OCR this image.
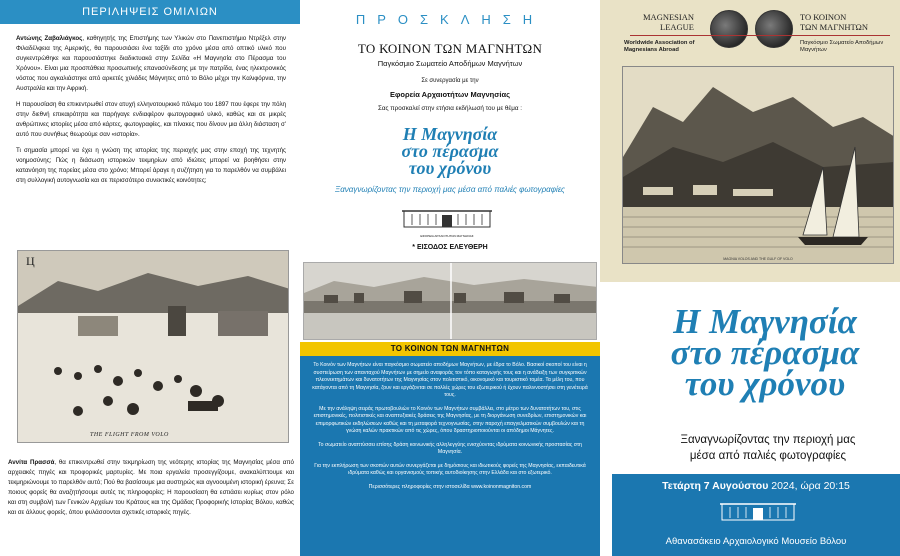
ΠΕΡΙΛΗΨΕΙΣ ΟΜΙΛΙΩΝ

Αντώνης Ζαβαλιάγκος, καθηγητής της Επιστήμης των Υλικών στο Πανεπιστήμιο Ντρέξελ στην Φιλαδέλφεια της Αμερικής, θα παρουσιάσει ένα ταξίδι στο χρόνο μέσα από οπτικό υλικό που συγκεντρώθηκε και παρουσιάστηκε διαδικτυακά στην Σελίδα «Η Μαγνησία στο Πέρασμα του Χρόνου». Είναι μια προσπάθεια προσωπικής επανασύνδεσης με την πατρίδα, ένας ηλεκτρονικός νόστος που αγκαλιάστηκε από αρκετές χιλιάδες Μάγνητες από το Βόλο μέχρι την Καλιφόρνια, την Αυστραλία και την Αφρική.

Η παρουσίαση θα επικεντρωθεί στον ατυχή ελληνοτουρκικό πόλεμο του 1897 που έφερε την πόλη στην διεθνή επικαιρότητα και παρήγαγε ενδιαφέρον φωτογραφικό υλικό, καθώς και σε μικρές ανθρώπινες ιστορίες μέσα από κάρτες, φωτογραφίες, και πίνακες που δίνουν μια άλλη διάσταση σ' αυτό που συνήθως θεωρούμε σαν «ιστορία».

Τι σημασία μπορεί να έχει η γνώση της ιστορίας της περιοχής μας στην εποχή της τεχνητής νοημοσύνης; Πώς η διάσωση ιστορικών τεκμηρίων από ιδιώτες μπορεί να βοηθήσει στην κατανόηση της πορείας μέσα στο χρόνο; Μπορεί άραγε η συζήτηση για το παρελθόν να συμβάλει στη συλλογική αυτογνωσία και σε περισσότερο συνεκτικές κοινότητες;

Ц
THE FLIGHT FROM VOLO

Αννίτα Πρασσά, θα επικεντρωθεί στην τεκμηρίωση της νεότερης ιστορίας της Μαγνησίας μέσα από αρχειακές πηγές και προφορικές μαρτυρίες. Με ποια εργαλεία προσεγγίζουμε, ανακαλύπτουμε και τεκμηριώνουμε το παρελθόν αυτό; Πού θα βασίσουμε μια αυστηρώς και αγνοουμένη ιστορική έρευνα; Σε ποιους φορείς θα αναζητήσουμε αυτές τις πληροφορίες; Η παρουσίαση θα εστιάσει κυρίως στον ρόλο και στη συμβολή των Γενικών Αρχείων του Κράτους και της Ομάδας Προφορικής Ιστορίας Βόλου, καθώς και σε άλλους φορείς, όπου φυλάσσονται σχετικές ιστορικές πηγές.

ΠΡΟΣΚΛΗΣΗ
ΤΟ ΚΟΙΝΟΝ ΤΩΝ ΜΑΓΝΗΤΩΝ
Παγκόσμιο Σωματείο Αποδήμων Μαγνήτων
Σε συνεργασία με την
Εφορεία Αρχαιοτήτων Μαγνησίας
Σας προσκαλεί στην ετήσια εκδήλωσή του με θέμα :
Η Μαγνησία
στο πέρασμα
του χρόνου
Ξαναγνωρίζοντας την περιοχή μας μέσα από παλιές φωτογραφίες
ΕΦΟΡΕΙΑ ΑΡΧΑΙΟΤΗΤΩΝ ΜΑΓΝΗΣΙΑΣ
* ΕΙΣΟΔΟΣ ΕΛΕΥΘΕΡΗ
ΤΟ ΚΟΙΝΟΝ ΤΩΝ ΜΑΓΝΗΤΩΝ

Το Κοινόν των Μαγνήτων είναι παγκόσμιο σωματείο αποδήμων Μαγνήτων, με έδρα το Βόλο. Βασικοί σκοποί του είναι η συσπείρωση των απανταχού Μαγνήτων με σημείο αναφοράς τον τόπο καταγωγής τους και η ανάδειξη των συγκριτικών πλεονεκτημάτων και δυνατοτήτων της Μαγνησίας στον πολιτιστικό, οικονομικό και τουριστικό τομέα. Τα μέλη του, που κατάγονται από τη Μαγνησία, ζουν και εργάζονται σε πολλές χώρες του εξωτερικού ή έχουν παλιννοστήσει στη γενέτειρά τους.

Με την ανάληψη σειράς πρωτοβουλιών το Κοινόν των Μαγνήτων συμβάλλει, στο μέτρο των δυνατοτήτων του, στις επιστημονικές, πολιτιστικές και αναπτυξιακές δράσεις της Μαγνησίας, με τη διοργάνωση συνεδρίων, επιστημονικών και επιμορφωτικών εκδηλώσεων καθώς και τη μεταφορά τεχνογνωσίας, στην παροχή επαγγελματικών συμβουλών και τη γνώση καλών πρακτικών από τις χώρες, όπου δραστηριοποιούνται οι απόδημοι Μάγνητες.

Το σωματείο αναπτύσσει επίσης δράση κοινωνικής αλληλεγγύης ενισχύοντας ιδρύματα κοινωνικής προστασίας στη Μαγνησία.

Για την εκπλήρωση των σκοπών αυτών συνεργάζεται με δημόσιους και ιδιωτικούς φορείς της Μαγνησίας, εκπαιδευτικά ιδρύματα καθώς και οργανισμούς τοπικής αυτοδιοίκησης στην Ελλάδα και στο εξωτερικό.

Περισσότερες πληροφορίες στην ιστοσελίδα www.koinonmagniton.com

MAGNESIAN
LEAGUE
ΤΟ ΚΟΙΝΟΝ
ΤΩΝ ΜΑΓΝΗΤΩΝ
Worldwide Association of Magnesians Abroad
Παγκόσμιο Σωματείο Αποδήμων Μαγνήτων
MAGNIA VOLOS AND THE GULF OF VOLO
Η Μαγνησία
στο πέρασμα
του χρόνου
Ξαναγνωρίζοντας την περιοχή μας
μέσα από παλιές φωτογραφίες
Τετάρτη 7 Αυγούστου 2024, ώρα 20:15
Αθανασάκειο Αρχαιολογικό Μουσείο Βόλου
